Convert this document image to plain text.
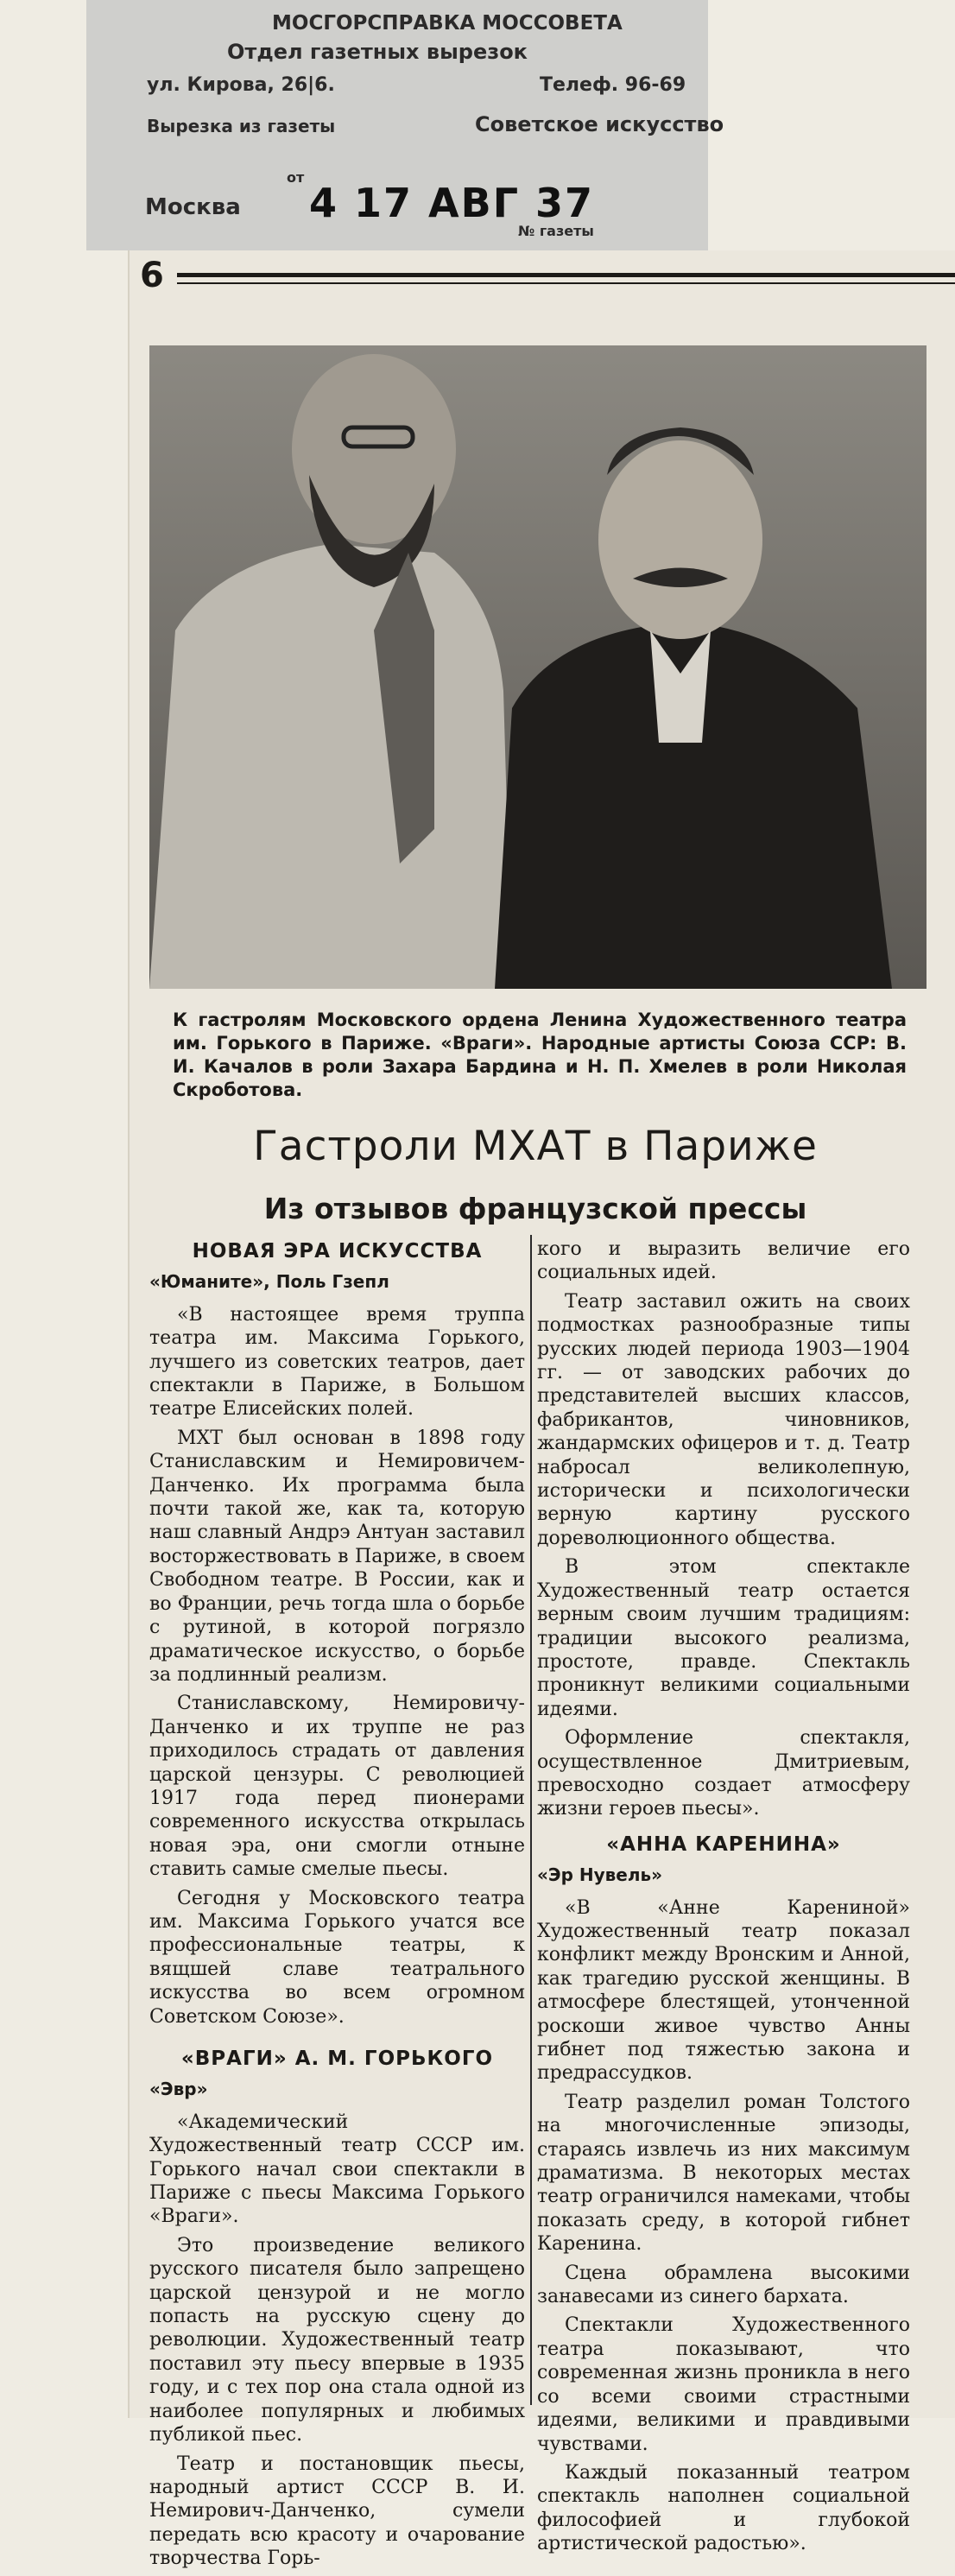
МОСГОРСПРАВКА МОССОВЕТА
Отдел газетных вырезок
ул. Кирова, 26|6.	Телеф. 96-69
Вырезка из газеты	Советское искусство
Москва
от
4 17 АВГ 37
№ газеты
6
К гастролям Московского ордена Ленина Художественного театра им. Горького в Париже. «Враги». Народные артисты Союза ССР: В. И. Качалов в роли Захара Бардина и Н. П. Хмелев в роли Николая Скроботова.
Гастроли МХАТ в Париже
Из отзывов французской прессы
НОВАЯ ЭРА ИСКУССТВА
«Юманите», Поль Гзепл

«В настоящее время труппа театра им. Максима Горького, лучшего из советских театров, дает спектакли в Париже, в Большом театре Елисейских полей.

МХТ был основан в 1898 году Станиславским и Немировичем-Данченко. Их программа была почти такой же, как та, которую наш славный Андрэ Антуан заставил восторжествовать в Париже, в своем Свободном театре. В России, как и во Франции, речь тогда шла о борьбе с рутиной, в которой погрязло драматическое искусство, о борьбе за подлинный реализм.

Станиславскому, Немировичу-Данченко и их труппе не раз приходилось страдать от давления царской цензуры. С революцией 1917 года перед пионерами современного искусства открылась новая эра, они смогли отныне ставить самые смелые пьесы.

Сегодня у Московского театра им. Максима Горького учатся все профессиональные театры, к вящшей славе театрального искусства во всем огромном Советском Союзе».

«ВРАГИ» А. М. ГОРЬКОГО
«Эвр»

«Академический Художественный театр СССР им. Горького начал свои спектакли в Париже с пьесы Максима Горького «Враги».

Это произведение великого русского писателя было запрещено царской цензурой и не могло попасть на русскую сцену до революции. Художественный театр поставил эту пьесу впервые в 1935 году, и с тех пор она стала одной из наиболее популярных и любимых публикой пьес.

Театр и постановщик пьесы, народный артист СССР В. И. Немирович-Данченко, сумели передать всю красоту и очарование творчества Горь-

кого и выразить величие его социальных идей.

Театр заставил ожить на своих подмостках разнообразные типы русских людей периода 1903—1904 гг. — от заводских рабочих до представителей высших классов, фабрикантов, чиновников, жандармских офицеров и т. д. Театр набросал великолепную, исторически и психологически верную картину русского дореволюционного общества.

В этом спектакле Художественный театр остается верным своим лучшим традициям: традиции высокого реализма, простоте, правде. Спектакль проникнут великими социальными идеями.

Оформление спектакля, осуществленное Дмитриевым, превосходно создает атмосферу жизни героев пьесы».

«АННА КАРЕНИНА»
«Эр Нувель»

«В «Анне Карениной» Художественный театр показал конфликт между Вронским и Анной, как трагедию русской женщины. В атмосфере блестящей, утонченной роскоши живое чувство Анны гибнет под тяжестью закона и предрассудков.

Театр разделил роман Толстого на многочисленные эпизоды, стараясь извлечь из них максимум драматизма. В некоторых местах театр ограничился намеками, чтобы показать среду, в которой гибнет Каренина.

Сцена обрамлена высокими занавесами из синего бархата.

Спектакли Художественного театра показывают, что современная жизнь проникла в него со всеми своими страстными идеями, великими и правдивыми чувствами.

Каждый показанный театром спектакль наполнен социальной философией и глубокой артистической радостью».
